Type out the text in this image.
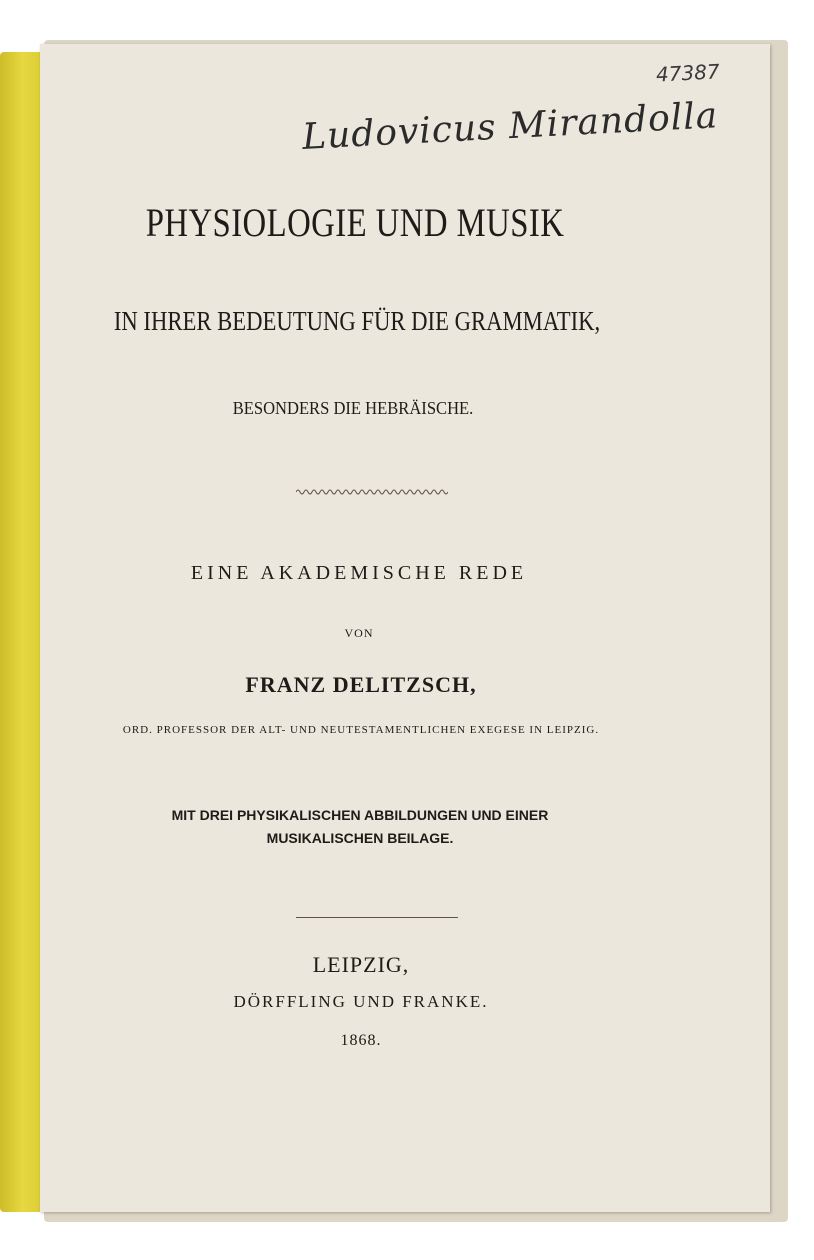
47387
Ludovicus Mirandolla
PHYSIOLOGIE UND MUSIK
IN IHRER BEDEUTUNG FÜR DIE GRAMMATIK,
BESONDERS DIE HEBRÄISCHE.
EINE AKADEMISCHE REDE
VON
FRANZ DELITZSCH,
ORD. PROFESSOR DER ALT- UND NEUTESTAMENTLICHEN EXEGESE IN LEIPZIG.
MIT DREI PHYSIKALISCHEN ABBILDUNGEN UND EINER
MUSIKALISCHEN BEILAGE.
LEIPZIG,
DÖRFFLING UND FRANKE.
1868.
